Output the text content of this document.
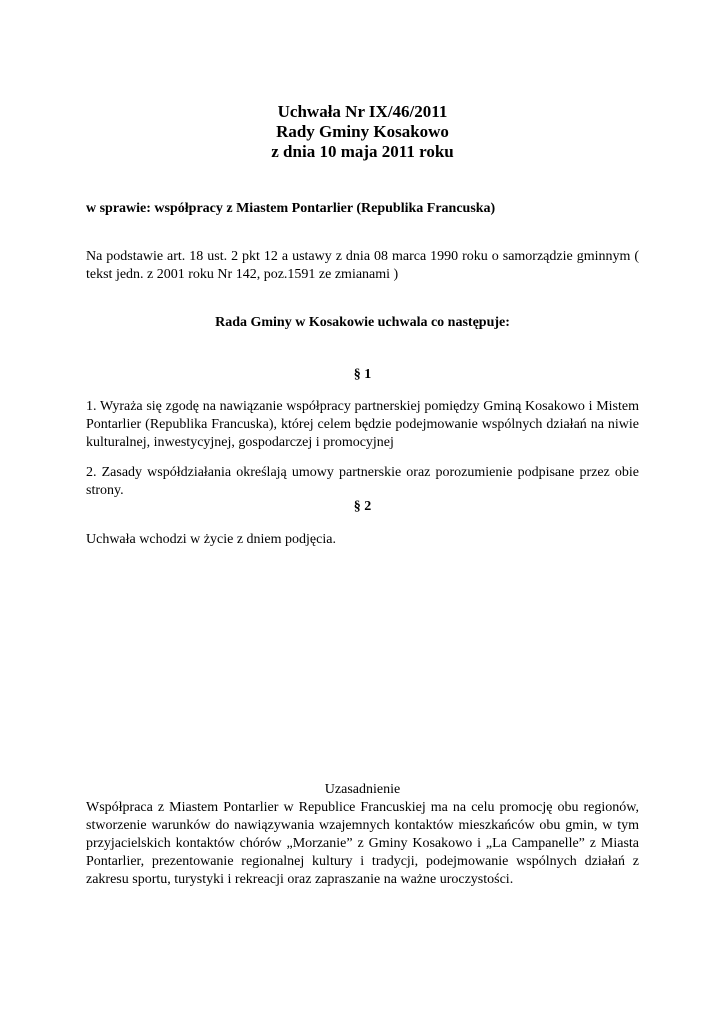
Uchwała Nr IX/46/2011

Rady Gminy Kosakowo

z dnia 10 maja 2011 roku

w sprawie: współpracy z Miastem Pontarlier (Republika Francuska)

Na podstawie art. 18 ust. 2 pkt 12 a ustawy z dnia 08 marca 1990 roku o samorządzie gminnym ( tekst jedn. z 2001 roku Nr 142, poz.1591 ze zmianami )

Rada Gminy w Kosakowie uchwala co następuje:
§ 1

1. Wyraża się zgodę na nawiązanie współpracy partnerskiej pomiędzy Gminą Kosakowo i Mistem Pontarlier (Republika Francuska), której celem będzie podejmowanie wspólnych działań na niwie kulturalnej, inwestycyjnej, gospodarczej i promocyjnej

2. Zasady współdziałania określają umowy partnerskie oraz porozumienie podpisane przez obie strony.

§ 2

Uchwała wchodzi w życie z dniem podjęcia.

Uzasadnienie

Współpraca z Miastem Pontarlier w Republice Francuskiej ma na celu promocję obu regionów, stworzenie warunków do nawiązywania wzajemnych kontaktów mieszkańców obu gmin, w tym przyjacielskich kontaktów chórów „Morzanie” z Gminy Kosakowo i „La Campanelle” z Miasta Pontarlier, prezentowanie regionalnej kultury i tradycji, podejmowanie wspólnych działań z zakresu sportu, turystyki i rekreacji oraz zapraszanie na ważne uroczystości.
